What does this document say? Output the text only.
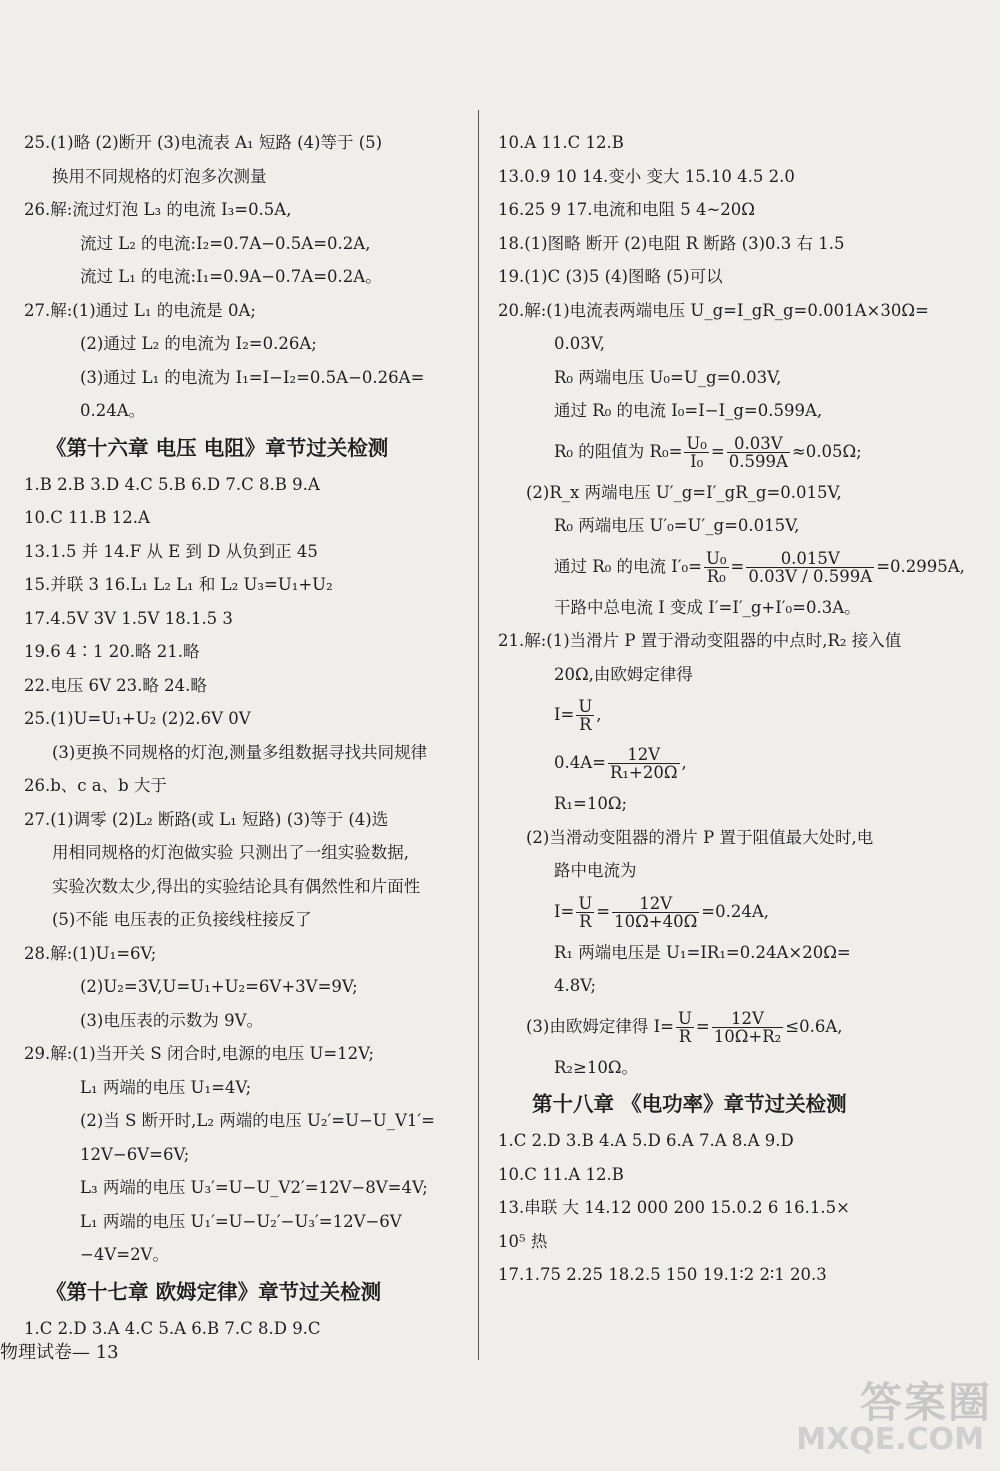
25.(1)略 (2)断开 (3)电流表 A₁ 短路 (4)等于 (5)
换用不同规格的灯泡多次测量
26.解:流过灯泡 L₃ 的电流 I₃=0.5A,
流过 L₂ 的电流:I₂=0.7A−0.5A=0.2A,
流过 L₁ 的电流:I₁=0.9A−0.7A=0.2A。
27.解:(1)通过 L₁ 的电流是 0A;
(2)通过 L₂ 的电流为 I₂=0.26A;
(3)通过 L₁ 的电流为 I₁=I−I₂=0.5A−0.26A=
0.24A。
《第十六章 电压 电阻》章节过关检测
1.B 2.B 3.D 4.C 5.B 6.D 7.C 8.B 9.A
10.C 11.B 12.A
13.1.5 并 14.F 从 E 到 D 从负到正 45
15.并联 3 16.L₁ L₂ L₁ 和 L₂ U₃=U₁+U₂
17.4.5V 3V 1.5V 18.1.5 3
19.6 4∶1 20.略 21.略
22.电压 6V 23.略 24.略
25.(1)U=U₁+U₂ (2)2.6V 0V
(3)更换不同规格的灯泡,测量多组数据寻找共同规律
26.b、c a、b 大于
27.(1)调零 (2)L₂ 断路(或 L₁ 短路) (3)等于 (4)选
用相同规格的灯泡做实验 只测出了一组实验数据,
实验次数太少,得出的实验结论具有偶然性和片面性
(5)不能 电压表的正负接线柱接反了
28.解:(1)U₁=6V;
(2)U₂=3V,U=U₁+U₂=6V+3V=9V;
(3)电压表的示数为 9V。
29.解:(1)当开关 S 闭合时,电源的电压 U=12V;
L₁ 两端的电压 U₁=4V;
(2)当 S 断开时,L₂ 两端的电压 U₂′=U−U_V1′=
12V−6V=6V;
L₃ 两端的电压 U₃′=U−U_V2′=12V−8V=4V;
L₁ 两端的电压 U₁′=U−U₂′−U₃′=12V−6V
−4V=2V。
《第十七章 欧姆定律》章节过关检测
1.C 2.D 3.A 4.C 5.A 6.B 7.C 8.D 9.C
10.A 11.C 12.B
13.0.9 10 14.变小 变大 15.10 4.5 2.0
16.25 9 17.电流和电阻 5 4~20Ω
18.(1)图略 断开 (2)电阻 R 断路 (3)0.3 右 1.5
19.(1)C (3)5 (4)图略 (5)可以
20.解:(1)电流表两端电压 U_g=I_gR_g=0.001A×30Ω=
0.03V,
R₀ 两端电压 U₀=U_g=0.03V,
通过 R₀ 的电流 I₀=I−I_g=0.599A,
R₀ 的阻值为 $R_0= \frac{\text{U₀}}{\text{I₀}} = \frac{0.03V}{0.599A} \approx 0.05\Omega$;
(2)R_x 两端电压 U′_g=I′_gR_g=0.015V,
R₀ 两端电压 U′₀=U′_g=0.015V,
通过 R₀ 的电流 $I'_0= \frac{\text{U₀}}{\text{R₀}} = \frac{0.015V}{0.03V / 0.599A} =0.2995A$,
干路中总电流 I 变成 I′=I′_g+I′₀=0.3A。
21.解:(1)当滑片 P 置于滑动变阻器的中点时,R₂ 接入值
20Ω,由欧姆定律得
$I= \frac{U}{R}$ ,
$0.4A= \frac{12V}{\text{R₁+20Ω}}$ ,
R₁=10Ω;
(2)当滑动变阻器的滑片 P 置于阻值最大处时,电
路中电流为
$I= \frac{U}{R} = \frac{12V}{10\Omega+40\Omega} =0.24A$,
R₁ 两端电压是 U₁=IR₁=0.24A×20Ω=
4.8V;
(3)由欧姆定律得 $I= \frac{U}{R} = \frac{12V}{\text{10Ω+R₂}} \le 0.6A$,
R₂≥10Ω。
第十八章 《电功率》章节过关检测
1.C 2.D 3.B 4.A 5.D 6.A 7.A 8.A 9.D
10.C 11.A 12.B
13.串联 大 14.12 000 200 15.0.2 6 16.1.5×
10⁵ 热
17.1.75 2.25 18.2.5 150 19.1∶2 2∶1 20.3
物理试卷— 13
答案圈
MXQE.COM
